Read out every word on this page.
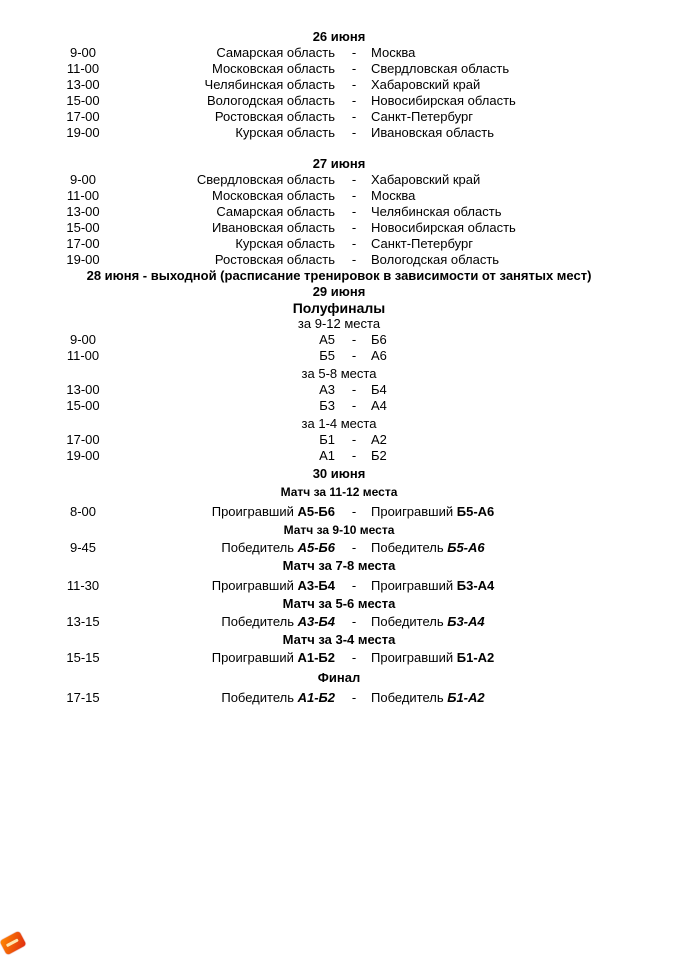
26 июня
9-00	Самарская область - Москва
11-00	Московская область - Свердловская область
13-00	Челябинская область - Хабаровский край
15-00	Вологодская область - Новосибирская область
17-00	Ростовская область - Санкт-Петербург
19-00	Курская область - Ивановская область
27 июня
9-00	Свердловская область - Хабаровский край
11-00	Московская область - Москва
13-00	Самарская область - Челябинская область
15-00	Ивановская область - Новосибирская область
17-00	Курская область - Санкт-Петербург
19-00	Ростовская область - Вологодская область
28 июня - выходной (расписание тренировок в зависимости от занятых мест)
29 июня
Полуфиналы
за 9-12 места
9-00	А5 - Б6
11-00	Б5 - А6
за 5-8 места
13-00	А3 - Б4
15-00	Б3 - А4
за 1-4 места
17-00	Б1 - А2
19-00	А1 - Б2
30 июня
Матч за 11-12 места
8-00	Проигравший А5-Б6 - Проигравший Б5-А6
Матч за 9-10 места
9-45	Победитель А5-Б6 - Победитель Б5-А6
Матч за 7-8 места
11-30	Проигравший А3-Б4 - Проигравший Б3-А4
Матч за 5-6 места
13-15	Победитель А3-Б4 - Победитель Б3-А4
Матч за 3-4 места
15-15	Проигравший А1-Б2 - Проигравший Б1-А2
Финал
17-15	Победитель А1-Б2 - Победитель Б1-А2
